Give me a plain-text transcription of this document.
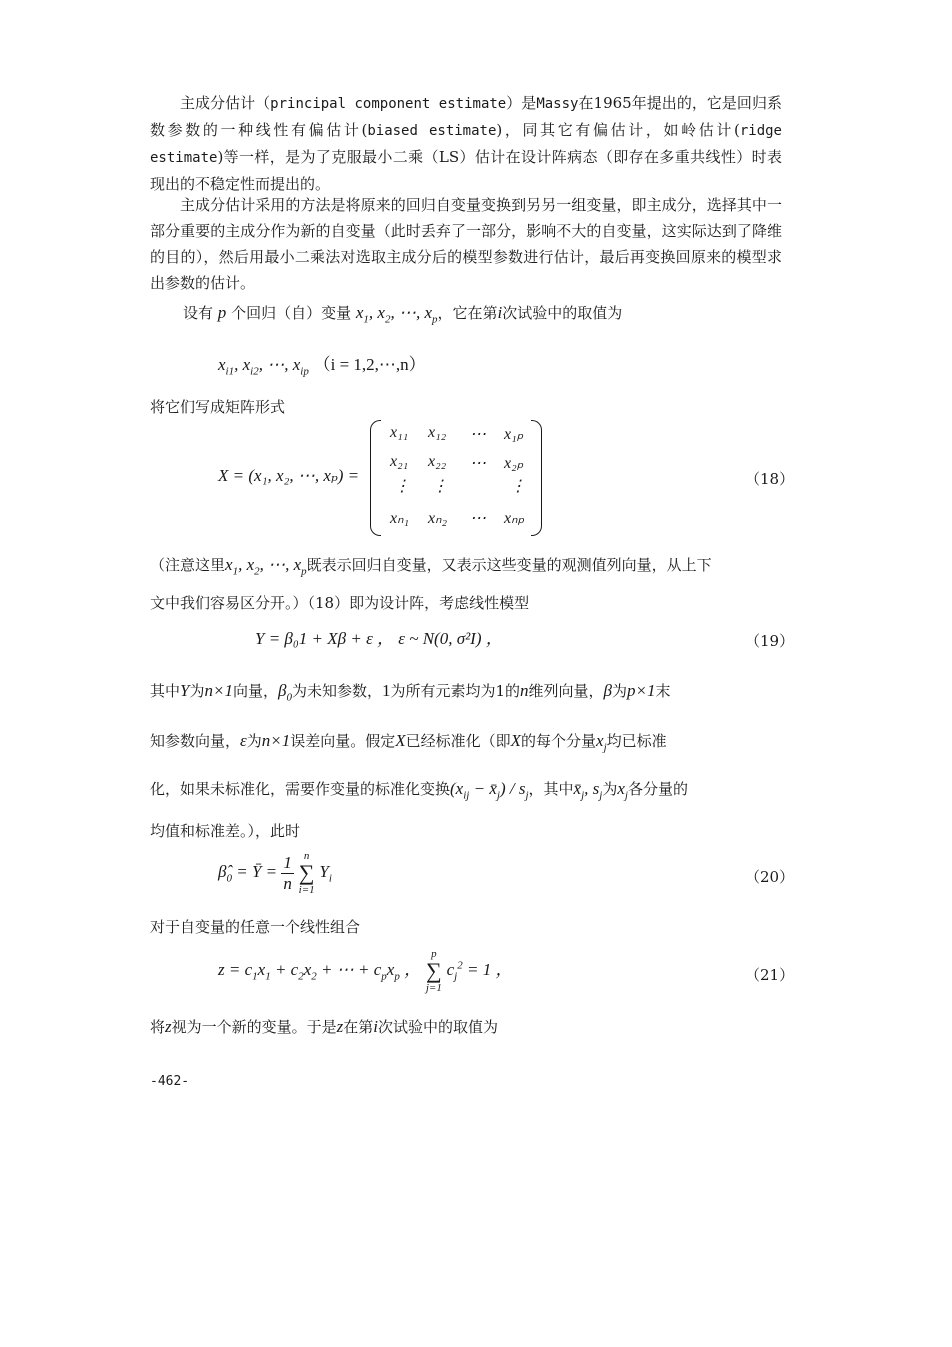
主成分估计（principal component estimate）是Massy在1965年提出的，它是回归系数参数的一种线性有偏估计(biased estimate)，同其它有偏估计，如岭估计(ridge estimate)等一样，是为了克服最小二乘（LS）估计在设计阵病态（即存在多重共线性）时表现出的不稳定性而提出的。

主成分估计采用的方法是将原来的回归自变量变换到另另一组变量，即主成分，选择其中一部分重要的主成分作为新的自变量（此时丢弃了一部分，影响不大的自变量，这实际达到了降维的目的），然后用最小二乘法对选取主成分后的模型参数进行估计，最后再变换回原来的模型求出参数的估计。

设有 p 个回归（自）变量 $x_1$, $x_2$, ⋯, $x_p$，它在第i次试验中的取值为
$x_{i1}$, $x_{i2}$, ⋯, $x_{ip}$ （i = 1,2,⋯,n）
将它们写成矩阵形式
X = (x₁, x₂, ⋯, xₚ) =
x₁₁ x₁₂ ⋯ x₁ₚ
x₂₁ x₂₂ ⋯ x₂ₚ
⋮ ⋮	⋮
xₙ₁ xₙ₂ ⋯ xₙₚ
（18）
（注意这里$x_1$, $x_2$, ⋯, $x_p$既表示回归自变量，又表示这些变量的观测值列向量，从上下
文中我们容易区分开。）（18）即为设计阵，考虑线性模型
Y = β₀1 + Xβ + ε ， ε ~ N(0, σ²I) ，	（19）
其中Y为n×1向量，$\beta_0$为未知参数，1为所有元素均为1的n维列向量，β为p×1末
知参数向量，ε为n×1误差向量。假定X已经标准化（即X的每个分量$x_j$均已标准
化，如果未标准化，需要作变量的标准化变换($x_{ij}$ − $x̄_j) / s_j$，其中$x̄_j$, $s_j$为$x_j$各分量的
均值和标准差。），此时
$\betâ_0$ = Ȳ = $\frac{1}{n}$ n
∑
i=1 $Y_i$	（20）
对于自变量的任意一个线性组合
$z = c_1x_1 + c_2x_2$ + ⋯ + $c_px_p$ ， p
∑
j=1 $c_j^2 = 1$ ，	（21）
将z视为一个新的变量。于是z在第i次试验中的取值为
-462-
